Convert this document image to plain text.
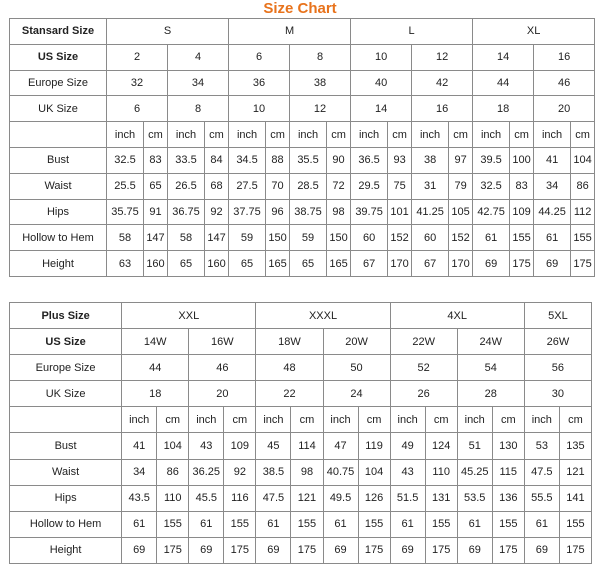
Size Chart
Stansard Size	S				M				L				XL			
US Size	2		4		6		8		10		12		14		16	
Europe Size	32		34		36		38		40		42		44		46	
UK Size	6		8		10		12		14		16		18		20	
	inch	cm	inch	cm	inch	cm	inch	cm	inch	cm	inch	cm	inch	cm	inch	cm
Bust	32.5	83	33.5	84	34.5	88	35.5	90	36.5	93	38	97	39.5	100	41	104
Waist	25.5	65	26.5	68	27.5	70	28.5	72	29.5	75	31	79	32.5	83	34	86
Hips	35.75	91	36.75	92	37.75	96	38.75	98	39.75	101	41.25	105	42.75	109	44.25	112
Hollow to Hem	58	147	58	147	59	150	59	150	60	152	60	152	61	155	61	155
Height	63	160	65	160	65	165	65	165	67	170	67	170	69	175	69	175
Plus Size	XXL				XXXL				4XL				5XL	
US Size	14W		16W		18W		20W		22W		24W		26W	
Europe Size	44		46		48		50		52		54		56	
UK Size	18		20		22		24		26		28		30	
	inch	cm	inch	cm	inch	cm	inch	cm	inch	cm	inch	cm	inch	cm
Bust	41	104	43	109	45	114	47	119	49	124	51	130	53	135
Waist	34	86	36.25	92	38.5	98	40.75	104	43	110	45.25	115	47.5	121
Hips	43.5	110	45.5	116	47.5	121	49.5	126	51.5	131	53.5	136	55.5	141
Hollow to Hem	61	155	61	155	61	155	61	155	61	155	61	155	61	155
Height	69	175	69	175	69	175	69	175	69	175	69	175	69	175
